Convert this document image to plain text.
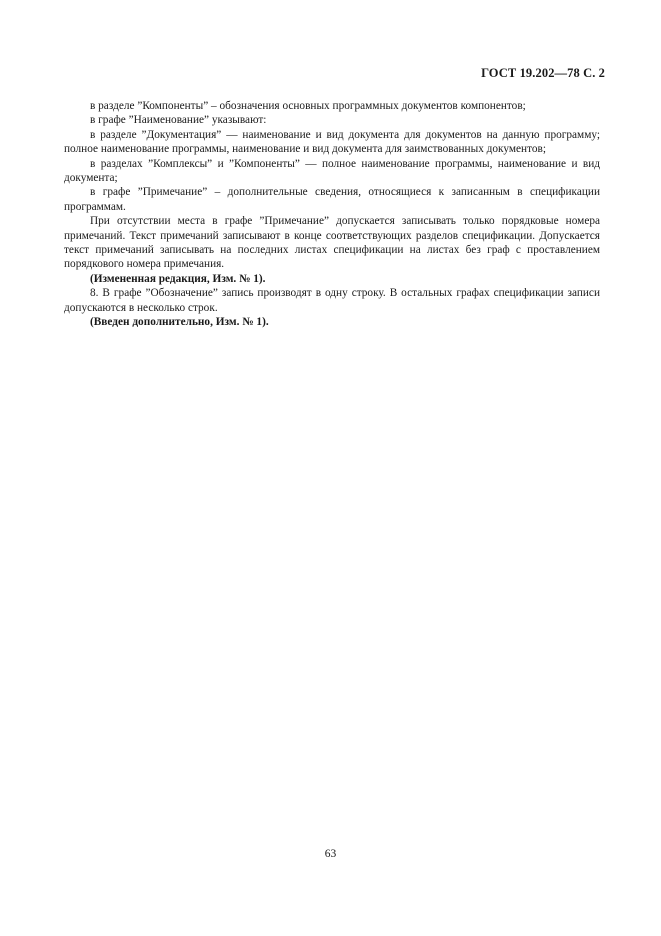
ГОСТ 19.202—78 С. 2

в разделе ”Компоненты” – обозначения основных программных документов компонентов;

в графе ”Наименование” указывают:

в разделе ”Документация” — наименование и вид документа для документов на данную программу; полное наименование программы, наименование и вид документа для заимствованных документов;

в разделах ”Комплексы” и ”Компоненты” — полное наименование программы, наименование и вид документа;

в графе ”Примечание” – дополнительные сведения, относящиеся к записанным в спецификации программам.

При отсутствии места в графе ”Примечание” допускается записывать только порядковые номера примечаний. Текст примечаний записывают в конце соответствующих разделов спецификации. Допускается текст примечаний записывать на последних листах спецификации на листах без граф с проставлением порядкового номера примечания.

(Измененная редакция, Изм. № 1).

8. В графе ”Обозначение” запись производят в одну строку. В остальных графах спецификации записи допускаются в несколько строк.

(Введен дополнительно, Изм. № 1).

63
